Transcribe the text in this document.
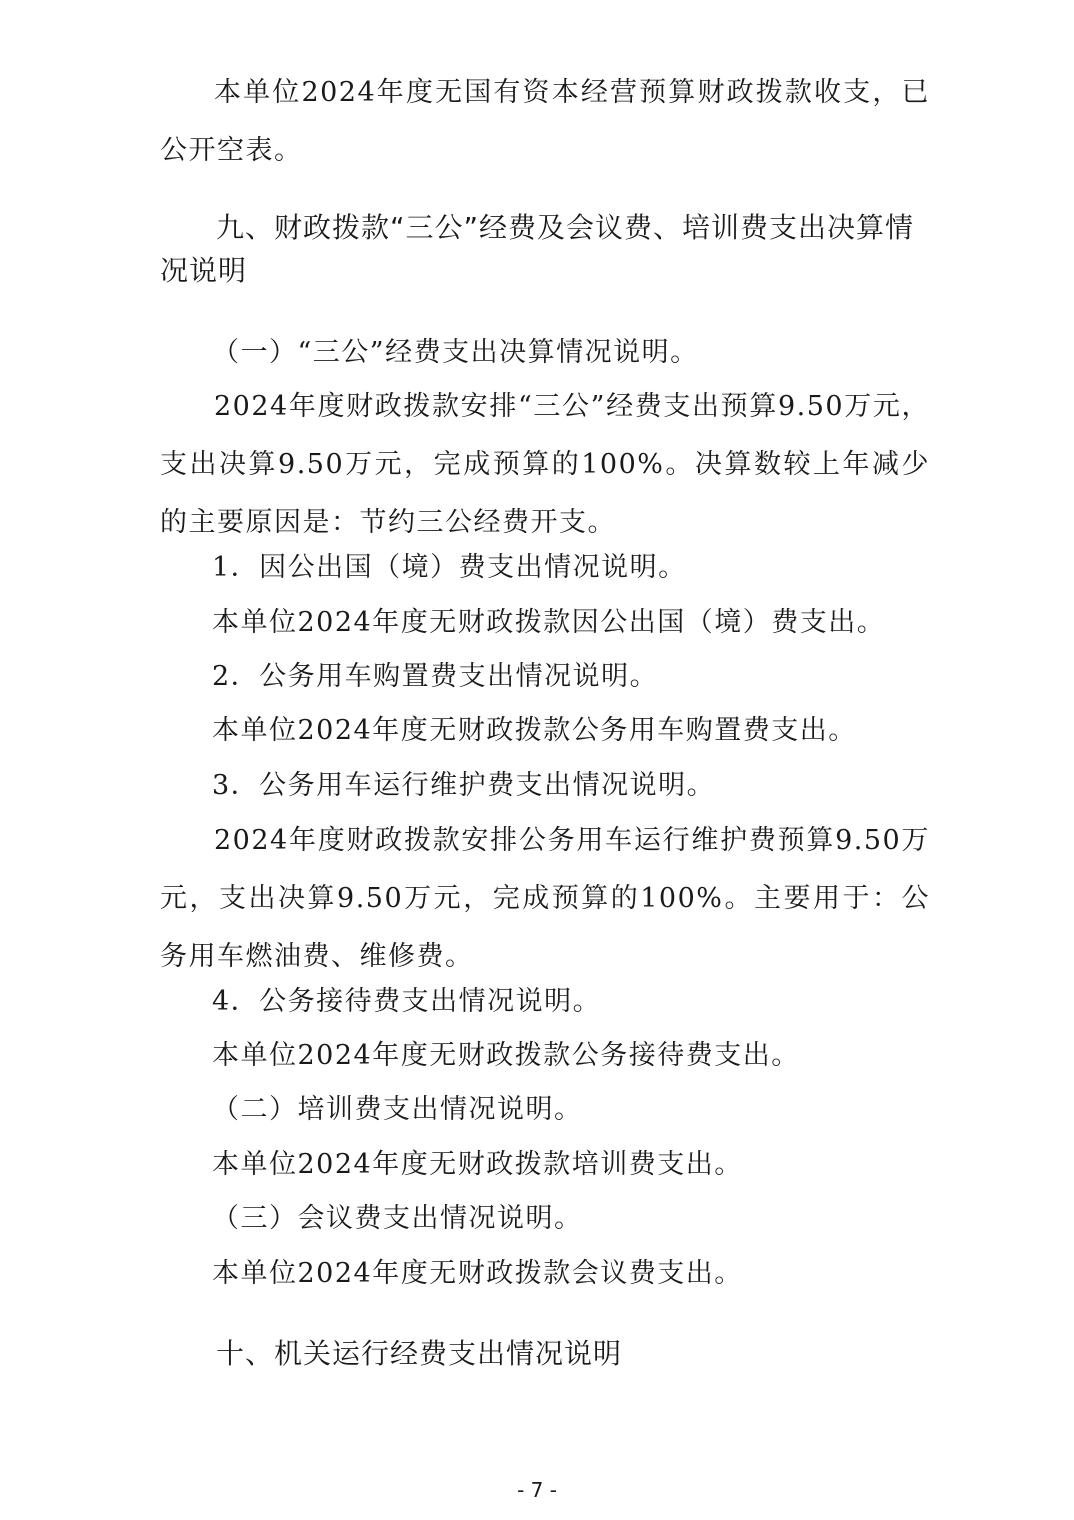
本单位2024年度无国有资本经营预算财政拨款收支，已公开空表。

九、财政拨款“三公”经费及会议费、培训费支出决算情况说明

（一）“三公”经费支出决算情况说明。

2024年度财政拨款安排“三公”经费支出预算9.50万元，支出决算9.50万元，完成预算的100%。决算数较上年减少的主要原因是：节约三公经费开支。

1．因公出国（境）费支出情况说明。

本单位2024年度无财政拨款因公出国（境）费支出。

2．公务用车购置费支出情况说明。

本单位2024年度无财政拨款公务用车购置费支出。

3．公务用车运行维护费支出情况说明。

2024年度财政拨款安排公务用车运行维护费预算9.50万元，支出决算9.50万元，完成预算的100%。主要用于：公务用车燃油费、维修费。

4．公务接待费支出情况说明。

本单位2024年度无财政拨款公务接待费支出。

（二）培训费支出情况说明。

本单位2024年度无财政拨款培训费支出。

（三）会议费支出情况说明。

本单位2024年度无财政拨款会议费支出。

十、机关运行经费支出情况说明
- 7 -
